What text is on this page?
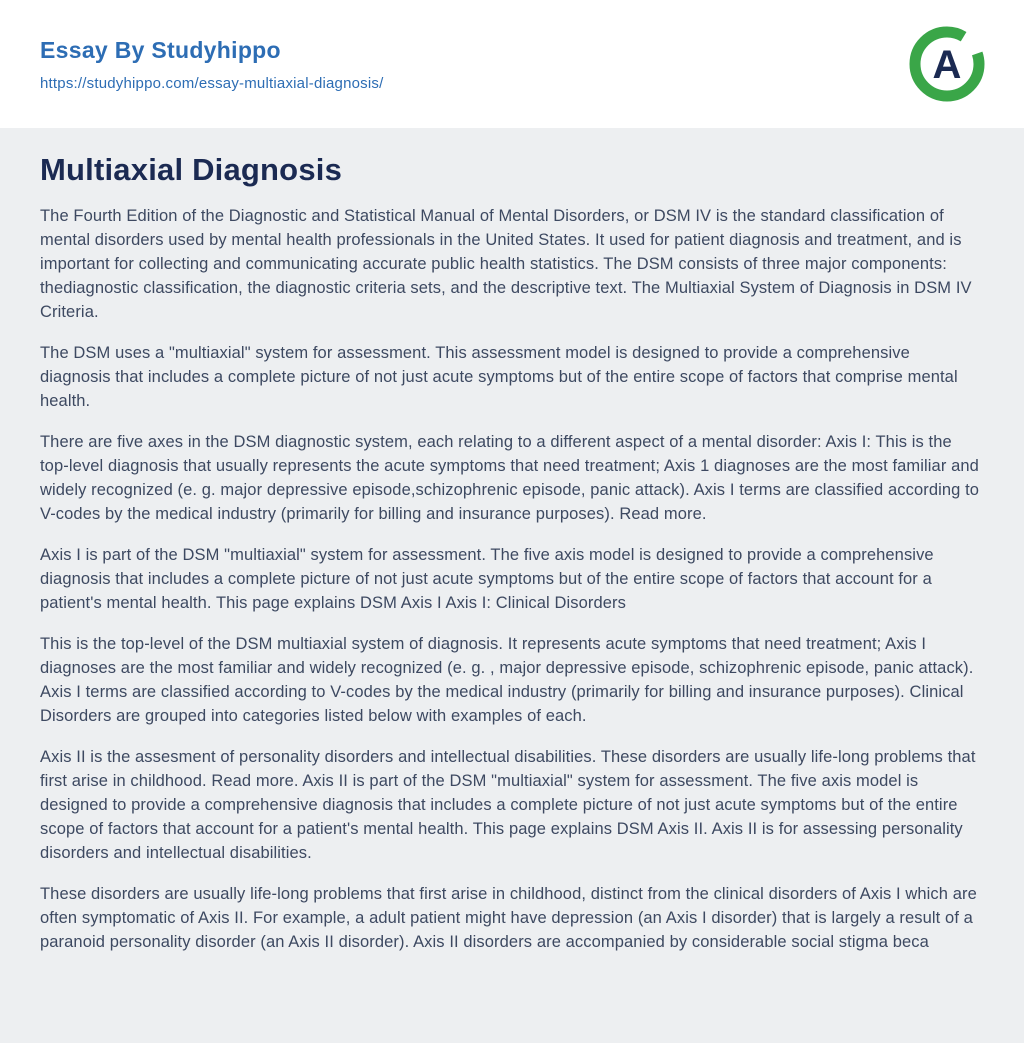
Essay By Studyhippo
https://studyhippo.com/essay-multiaxial-diagnosis/	A
Multiaxial Diagnosis

The Fourth Edition of the Diagnostic and Statistical Manual of Mental Disorders, or DSM IV is the standard classification of mental disorders used by mental health professionals in the United States. It used for patient diagnosis and treatment, and is important for collecting and communicating accurate public health statistics. The DSM consists of three major components: thediagnostic classification, the diagnostic criteria sets, and the descriptive text. The Multiaxial System of Diagnosis in DSM IV Criteria.

The DSM uses a "multiaxial" system for assessment. This assessment model is designed to provide a comprehensive diagnosis that includes a complete picture of not just acute symptoms but of the entire scope of factors that comprise mental health.

There are five axes in the DSM diagnostic system, each relating to a different aspect of a mental disorder: Axis I: This is the top-level diagnosis that usually represents the acute symptoms that need treatment; Axis 1 diagnoses are the most familiar and widely recognized (e. g. major depressive episode,schizophrenic episode, panic attack). Axis I terms are classified according to V-codes by the medical industry (primarily for billing and insurance purposes). Read more.

Axis I is part of the DSM "multiaxial" system for assessment. The five axis model is designed to provide a comprehensive diagnosis that includes a complete picture of not just acute symptoms but of the entire scope of factors that account for a patient's mental health. This page explains DSM Axis I Axis I: Clinical Disorders

This is the top-level of the DSM multiaxial system of diagnosis. It represents acute symptoms that need treatment; Axis I diagnoses are the most familiar and widely recognized (e. g. , major depressive episode, schizophrenic episode, panic attack). Axis I terms are classified according to V-codes by the medical industry (primarily for billing and insurance purposes). Clinical Disorders are grouped into categories listed below with examples of each.

Axis II is the assesment of personality disorders and intellectual disabilities. These disorders are usually life-long problems that first arise in childhood. Read more. Axis II is part of the DSM "multiaxial" system for assessment. The five axis model is designed to provide a comprehensive diagnosis that includes a complete picture of not just acute symptoms but of the entire scope of factors that account for a patient's mental health. This page explains DSM Axis II. Axis II is for assessing personality disorders and intellectual disabilities.

These disorders are usually life-long problems that first arise in childhood, distinct from the clinical disorders of Axis I which are often symptomatic of Axis II. For example, a adult patient might have depression (an Axis I disorder) that is largely a result of a paranoid personality disorder (an Axis II disorder). Axis II disorders are accompanied by considerable social stigma beca
